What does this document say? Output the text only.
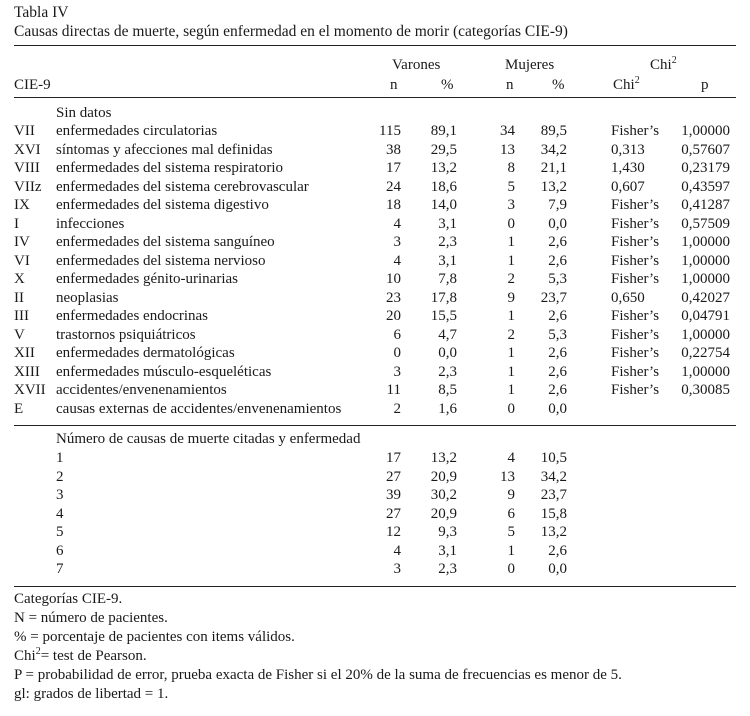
Tabla IV
Causas directas de muerte, según enfermedad en el momento de morir (categorías CIE-9)
Varones	Mujeres	Chi$^2$
CIE-9	n	%	n	%	Chi$^2$	p
Sin datos
VII enfermedades circulatorias	115 89,1	34 89,5	Fisher’s 1,00000
XVI síntomas y afecciones mal definidas	38 29,5	13 34,2	0,313 0,57607
VIII enfermedades del sistema respiratorio	17 13,2	8 21,1	1,430 0,23179
VIIz enfermedades del sistema cerebrovascular	24 18,6	5 13,2	0,607 0,43597
IX enfermedades del sistema digestivo	18 14,0	3 7,9	Fisher’s 0,41287
I infecciones	4 3,1	0 0,0	Fisher’s 0,57509
IV enfermedades del sistema sanguíneo	3 2,3	1 2,6	Fisher’s 1,00000
VI enfermedades del sistema nervioso	4 3,1	1 2,6	Fisher’s 1,00000
X enfermedades génito-urinarias	10 7,8	2 5,3	Fisher’s 1,00000
II neoplasias	23 17,8	9 23,7	0,650 0,42027
III enfermedades endocrinas	20 15,5	1 2,6	Fisher’s 0,04791
V trastornos psiquiátricos	6 4,7	2 5,3	Fisher’s 1,00000
XII enfermedades dermatológicas	0 0,0	1 2,6	Fisher’s 0,22754
XIII enfermedades músculo-esqueléticas	3 2,3	1 2,6	Fisher’s 1,00000
XVII accidentes/envenenamientos	11 8,5	1 2,6	Fisher’s 0,30085
E causas externas de accidentes/envenenamientos	2 1,6	0 0,0
Número de causas de muerte citadas y enfermedad
1	17 13,2	4 10,5
2	27 20,9	13 34,2
3	39 30,2	9 23,7
4	27 20,9	6 15,8
5	12 9,3	5 13,2
6	4 3,1	1 2,6
7	3 2,3	0 0,0
Categorías CIE-9.
N = número de pacientes.
% = porcentaje de pacientes con items válidos.
Chi$^2$= test de Pearson.
P = probabilidad de error, prueba exacta de Fisher si el 20% de la suma de frecuencias es menor de 5.
gl: grados de libertad = 1.
